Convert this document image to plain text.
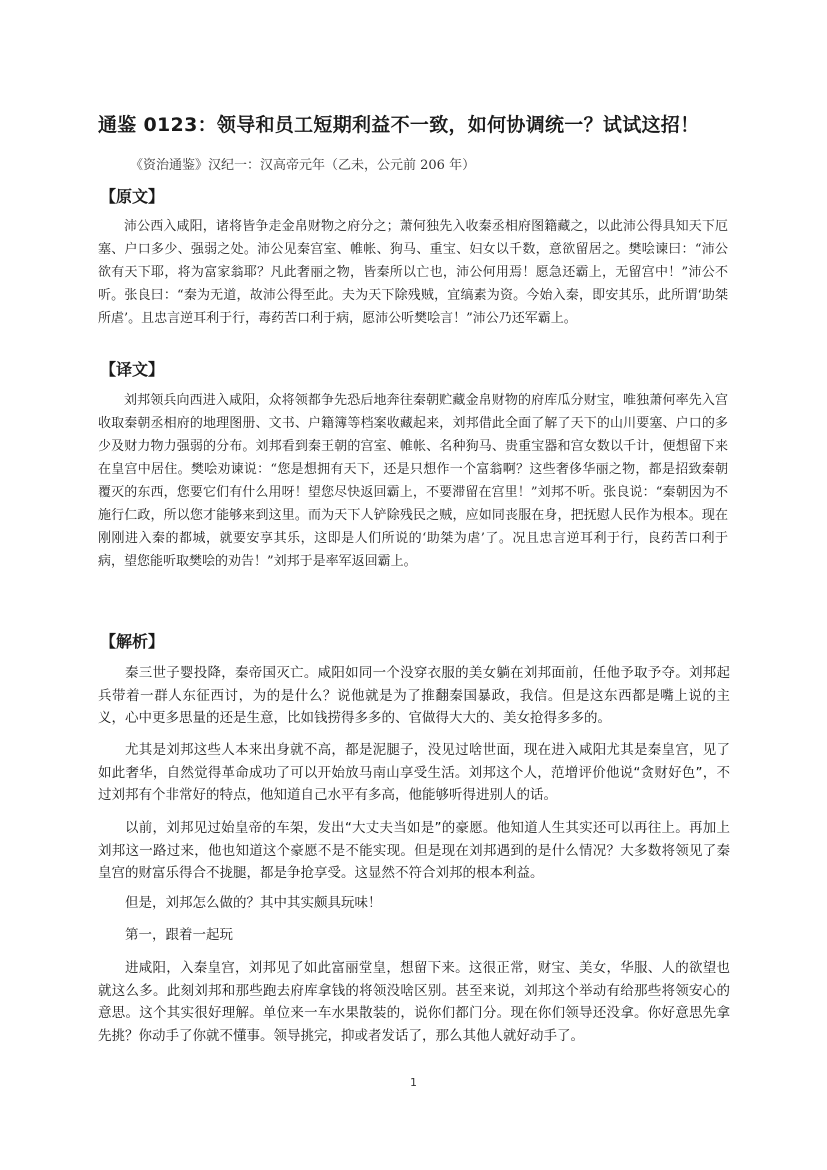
通鉴 0123：领导和员工短期利益不一致，如何协调统一？试试这招！
《资治通鉴》汉纪一：汉高帝元年（乙未，公元前 206 年）
【原文】

沛公西入咸阳，诸将皆争走金帛财物之府分之；萧何独先入收秦丞相府图籍藏之，以此沛公得具知天下厄塞、户口多少、强弱之处。沛公见秦宫室、帷帐、狗马、重宝、妇女以千数，意欲留居之。樊哙谏曰：“沛公欲有天下耶，将为富家翁耶？凡此奢丽之物，皆秦所以亡也，沛公何用焉！愿急还霸上，无留宫中！”沛公不听。张良曰：“秦为无道，故沛公得至此。夫为天下除残贼，宜缟素为资。今始入秦，即安其乐，此所谓‘助桀所虐’。且忠言逆耳利于行，毒药苦口利于病，愿沛公听樊哙言！”沛公乃还军霸上。

【译文】

刘邦领兵向西进入咸阳，众将领都争先恐后地奔往秦朝贮藏金帛财物的府库瓜分财宝，唯独萧何率先入宫收取秦朝丞相府的地理图册、文书、户籍簿等档案收藏起来，刘邦借此全面了解了天下的山川要塞、户口的多少及财力物力强弱的分布。刘邦看到秦王朝的宫室、帷帐、名种狗马、贵重宝器和宫女数以千计，便想留下来在皇宫中居住。樊哙劝谏说：“您是想拥有天下，还是只想作一个富翁啊？这些奢侈华丽之物，都是招致秦朝覆灭的东西，您要它们有什么用呀！望您尽快返回霸上，不要滞留在宫里！”刘邦不听。张良说：“秦朝因为不施行仁政，所以您才能够来到这里。而为天下人铲除残民之贼，应如同丧服在身，把抚慰人民作为根本。现在刚刚进入秦的都城，就要安享其乐，这即是人们所说的‘助桀为虐’了。况且忠言逆耳利于行，良药苦口利于病，望您能听取樊哙的劝告！”刘邦于是率军返回霸上。

【解析】

秦三世子婴投降，秦帝国灭亡。咸阳如同一个没穿衣服的美女躺在刘邦面前，任他予取予夺。刘邦起兵带着一群人东征西讨，为的是什么？说他就是为了推翻秦国暴政，我信。但是这东西都是嘴上说的主义，心中更多思量的还是生意，比如钱捞得多多的、官做得大大的、美女抢得多多的。

尤其是刘邦这些人本来出身就不高，都是泥腿子，没见过啥世面，现在进入咸阳尤其是秦皇宫，见了如此奢华，自然觉得革命成功了可以开始放马南山享受生活。刘邦这个人，范增评价他说“贪财好色”，不过刘邦有个非常好的特点，他知道自己水平有多高，他能够听得进别人的话。

以前，刘邦见过始皇帝的车架，发出“大丈夫当如是”的豪愿。他知道人生其实还可以再往上。再加上刘邦这一路过来，他也知道这个豪愿不是不能实现。但是现在刘邦遇到的是什么情况？大多数将领见了秦皇宫的财富乐得合不拢腿，都是争抢享受。这显然不符合刘邦的根本利益。

但是，刘邦怎么做的？其中其实颇具玩味！

第一，跟着一起玩

进咸阳，入秦皇宫，刘邦见了如此富丽堂皇，想留下来。这很正常，财宝、美女，华服、人的欲望也就这么多。此刻刘邦和那些跑去府库拿钱的将领没啥区别。甚至来说，刘邦这个举动有给那些将领安心的意思。这个其实很好理解。单位来一车水果散装的，说你们都门分。现在你们领导还没拿。你好意思先拿先挑？你动手了你就不懂事。领导挑完，抑或者发话了，那么其他人就好动手了。

1
